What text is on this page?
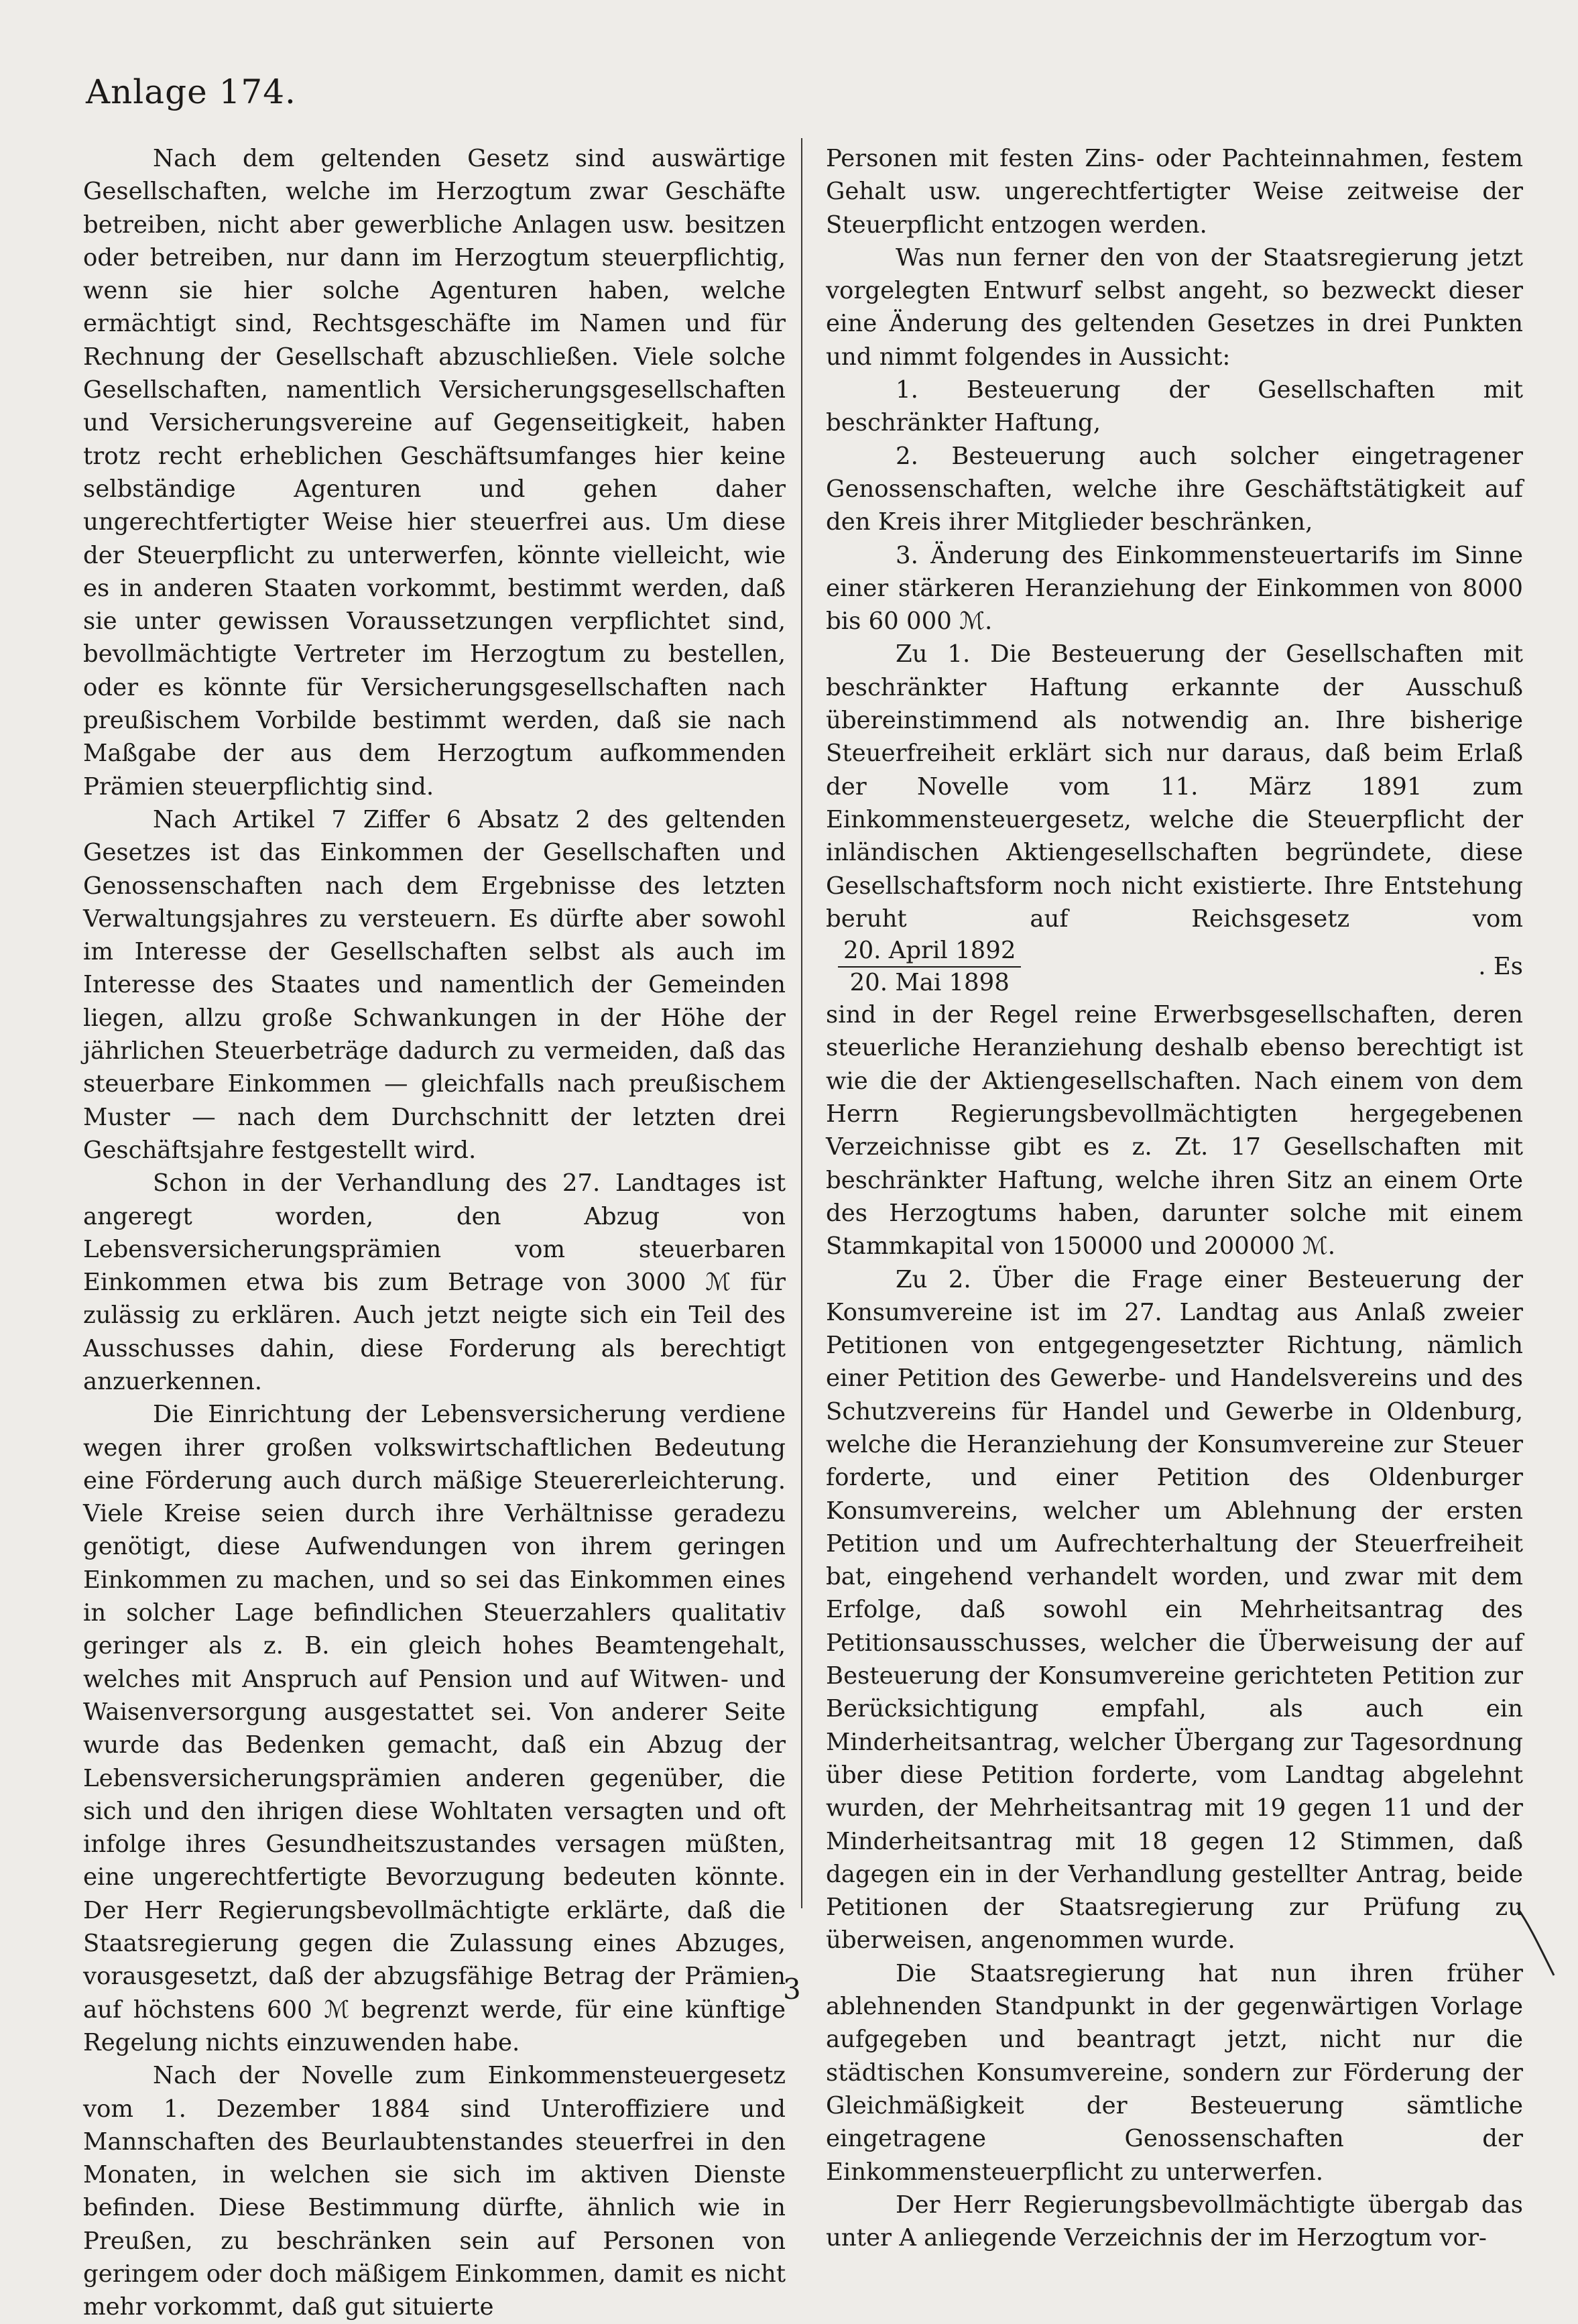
Anlage 174.

Nach dem geltenden Gesetz sind auswärtige Gesellschaften, welche im Herzogtum zwar Geschäfte betreiben, nicht aber gewerbliche Anlagen usw. besitzen oder betreiben, nur dann im Herzogtum steuerpflichtig, wenn sie hier solche Agenturen haben, welche ermächtigt sind, Rechtsgeschäfte im Namen und für Rechnung der Gesellschaft abzuschließen. Viele solche Gesellschaften, namentlich Versicherungsgesellschaften und Versicherungsvereine auf Gegenseitigkeit, haben trotz recht erheblichen Geschäftsumfanges hier keine selbständige Agenturen und gehen daher ungerechtfertigter Weise hier steuerfrei aus. Um diese der Steuerpflicht zu unterwerfen, könnte vielleicht, wie es in anderen Staaten vorkommt, bestimmt werden, daß sie unter gewissen Voraussetzungen verpflichtet sind, bevollmächtigte Vertreter im Herzogtum zu bestellen, oder es könnte für Versicherungsgesellschaften nach preußischem Vorbilde bestimmt werden, daß sie nach Maßgabe der aus dem Herzogtum aufkommenden Prämien steuerpflichtig sind.

Nach Artikel 7 Ziffer 6 Absatz 2 des geltenden Gesetzes ist das Einkommen der Gesellschaften und Genossenschaften nach dem Ergebnisse des letzten Verwaltungsjahres zu versteuern. Es dürfte aber sowohl im Interesse der Gesellschaften selbst als auch im Interesse des Staates und namentlich der Gemeinden liegen, allzu große Schwankungen in der Höhe der jährlichen Steuerbeträge dadurch zu vermeiden, daß das steuerbare Einkommen — gleichfalls nach preußischem Muster — nach dem Durchschnitt der letzten drei Geschäftsjahre festgestellt wird.

Schon in der Verhandlung des 27. Landtages ist angeregt worden, den Abzug von Lebensversicherungsprämien vom steuerbaren Einkommen etwa bis zum Betrage von 3000 ℳ für zulässig zu erklären. Auch jetzt neigte sich ein Teil des Ausschusses dahin, diese Forderung als berechtigt anzuerkennen.

Die Einrichtung der Lebensversicherung verdiene wegen ihrer großen volkswirtschaftlichen Bedeutung eine Förderung auch durch mäßige Steuererleichterung. Viele Kreise seien durch ihre Verhältnisse geradezu genötigt, diese Aufwendungen von ihrem geringen Einkommen zu machen, und so sei das Einkommen eines in solcher Lage befindlichen Steuerzahlers qualitativ geringer als z. B. ein gleich hohes Beamtengehalt, welches mit Anspruch auf Pension und auf Witwen- und Waisenversorgung ausgestattet sei. Von anderer Seite wurde das Bedenken gemacht, daß ein Abzug der Lebensversicherungsprämien anderen gegenüber, die sich und den ihrigen diese Wohltaten versagten und oft infolge ihres Gesundheitszustandes versagen müßten, eine ungerechtfertigte Bevorzugung bedeuten könnte. Der Herr Regierungsbevollmächtigte erklärte, daß die Staatsregierung gegen die Zulassung eines Abzuges, vorausgesetzt, daß der abzugsfähige Betrag der Prämien auf höchstens 600 ℳ begrenzt werde, für eine künftige Regelung nichts einzuwenden habe.

Nach der Novelle zum Einkommensteuergesetz vom 1. Dezember 1884 sind Unteroffiziere und Mannschaften des Beurlaubtenstandes steuerfrei in den Monaten, in welchen sie sich im aktiven Dienste befinden. Diese Bestimmung dürfte, ähnlich wie in Preußen, zu beschränken sein auf Personen von geringem oder doch mäßigem Einkommen, damit es nicht mehr vorkommt, daß gut situierte

Personen mit festen Zins- oder Pachteinnahmen, festem Gehalt usw. ungerechtfertigter Weise zeitweise der Steuerpflicht entzogen werden.

Was nun ferner den von der Staatsregierung jetzt vorgelegten Entwurf selbst angeht, so bezweckt dieser eine Änderung des geltenden Gesetzes in drei Punkten und nimmt folgendes in Aussicht:

1. Besteuerung der Gesellschaften mit beschränkter Haftung,

2. Besteuerung auch solcher eingetragener Genossenschaften, welche ihre Geschäftstätigkeit auf den Kreis ihrer Mitglieder beschränken,

3. Änderung des Einkommensteuertarifs im Sinne einer stärkeren Heranziehung der Einkommen von 8000 bis 60 000 ℳ.

Zu 1. Die Besteuerung der Gesellschaften mit beschränkter Haftung erkannte der Ausschuß übereinstimmend als notwendig an. Ihre bisherige Steuerfreiheit erklärt sich nur daraus, daß beim Erlaß der Novelle vom 11. März 1891 zum Einkommensteuergesetz, welche die Steuerpflicht der inländischen Aktiengesellschaften begründete, diese Gesellschaftsform noch nicht existierte. Ihre Entstehung beruht auf Reichsgesetz vom

$\frac{\text{20. April 1892}}{\text{20. Mai 1898}}$	. Es

sind in der Regel reine Erwerbsgesellschaften, deren steuerliche Heranziehung deshalb ebenso berechtigt ist wie die der Aktiengesellschaften. Nach einem von dem Herrn Regierungsbevollmächtigten hergegebenen Verzeichnisse gibt es z. Zt. 17 Gesellschaften mit beschränkter Haftung, welche ihren Sitz an einem Orte des Herzogtums haben, darunter solche mit einem Stammkapital von 150000 und 200000 ℳ.

Zu 2. Über die Frage einer Besteuerung der Konsumvereine ist im 27. Landtag aus Anlaß zweier Petitionen von entgegengesetzter Richtung, nämlich einer Petition des Gewerbe- und Handelsvereins und des Schutzvereins für Handel und Gewerbe in Oldenburg, welche die Heranziehung der Konsumvereine zur Steuer forderte, und einer Petition des Oldenburger Konsumvereins, welcher um Ablehnung der ersten Petition und um Aufrechterhaltung der Steuerfreiheit bat, eingehend verhandelt worden, und zwar mit dem Erfolge, daß sowohl ein Mehrheitsantrag des Petitionsausschusses, welcher die Überweisung der auf Besteuerung der Konsumvereine gerichteten Petition zur Berücksichtigung empfahl, als auch ein Minderheitsantrag, welcher Übergang zur Tagesordnung über diese Petition forderte, vom Landtag abgelehnt wurden, der Mehrheitsantrag mit 19 gegen 11 und der Minderheitsantrag mit 18 gegen 12 Stimmen, daß dagegen ein in der Verhandlung gestellter Antrag, beide Petitionen der Staatsregierung zur Prüfung zu überweisen, angenommen wurde.

Die Staatsregierung hat nun ihren früher ablehnenden Standpunkt in der gegenwärtigen Vorlage aufgegeben und beantragt jetzt, nicht nur die städtischen Konsumvereine, sondern zur Förderung der Gleichmäßigkeit der Besteuerung sämtliche eingetragene Genossenschaften der Einkommensteuerpflicht zu unterwerfen.

Der Herr Regierungsbevollmächtigte übergab das unter A anliegende Verzeichnis der im Herzogtum vor-

3
